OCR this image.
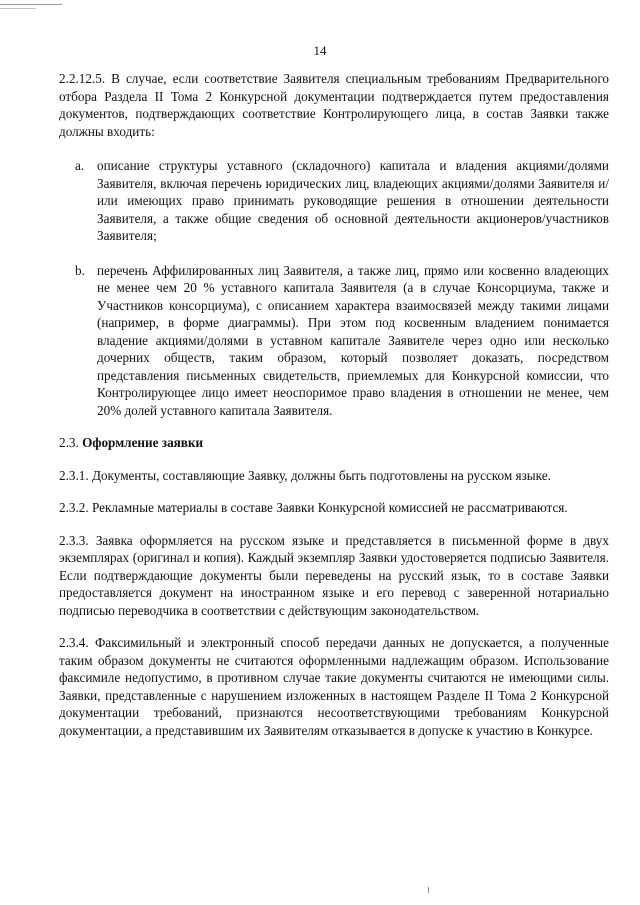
14

2.2.12.5. В случае, если соответствие Заявителя специальным требованиям Предварительного отбора Раздела II Тома 2 Конкурсной документации подтверждается путем предоставления документов, подтверждающих соответствие Контролирующего лица, в состав Заявки также должны входить:

a. описание структуры уставного (складочного) капитала и владения акциями/долями Заявителя, включая перечень юридических лиц, владеющих акциями/долями Заявителя и/или имеющих право принимать руководящие решения в отношении деятельности Заявителя, а также общие сведения об основной деятельности акционеров/участников Заявителя;

b. перечень Аффилированных лиц Заявителя, а также лиц, прямо или косвенно владеющих не менее чем 20 % уставного капитала Заявителя (а в случае Консорциума, также и Участников консорциума), с описанием характера взаимосвязей между такими лицами (например, в форме диаграммы). При этом под косвенным владением понимается владение акциями/долями в уставном капитале Заявителе через одно или несколько дочерних обществ, таким образом, который позволяет доказать, посредством представления письменных свидетельств, приемлемых для Конкурсной комиссии, что Контролирующее лицо имеет неоспоримое право владения в отношении не менее, чем 20% долей уставного капитала Заявителя.

2.3. Оформление заявки

2.3.1. Документы, составляющие Заявку, должны быть подготовлены на русском языке.

2.3.2. Рекламные материалы в составе Заявки Конкурсной комиссией не рассматриваются.

2.3.3. Заявка оформляется на русском языке и представляется в письменной форме в двух экземплярах (оригинал и копия). Каждый экземпляр Заявки удостоверяется подписью Заявителя. Если подтверждающие документы были переведены на русский язык, то в составе Заявки предоставляется документ на иностранном языке и его перевод с заверенной нотариально подписью переводчика в соответствии с действующим законодательством.

2.3.4. Факсимильный и электронный способ передачи данных не допускается, а полученные таким образом документы не считаются оформленными надлежащим образом. Использование факсимиле недопустимо, в противном случае такие документы считаются не имеющими силы. Заявки, представленные с нарушением изложенных в настоящем Разделе II Тома 2 Конкурсной документации требований, признаются несоответствующими требованиям Конкурсной документации, а представившим их Заявителям отказывается в допуске к участию в Конкурсе.
